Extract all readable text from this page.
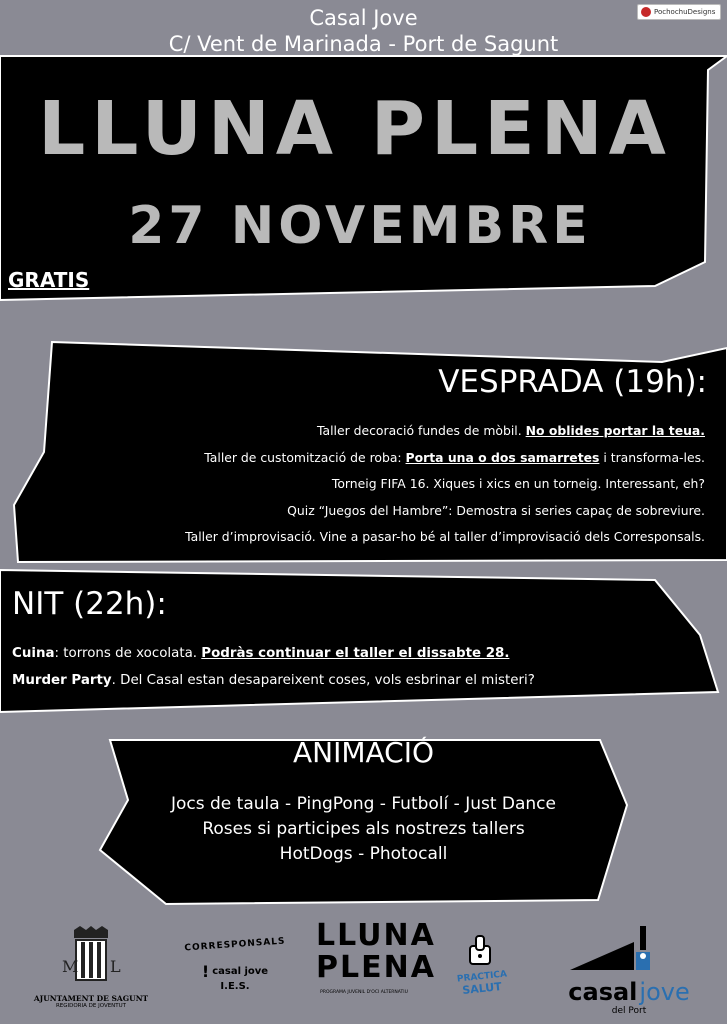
Casal Jove
C/ Vent de Marinada - Port de Sagunt
PochochuDesigns
LLUNA PLENA
27 NOVEMBRE
GRATIS
VESPRADA (19h):
Taller decoració fundes de mòbil. No oblides portar la teua.
Taller de customització de roba: Porta una o dos samarretes i transforma-les.
Torneig FIFA 16. Xiques i xics en un torneig. Interessant, eh?
Quiz “Juegos del Hambre”: Demostra si series capaç de sobreviure.
Taller d’improvisació. Vine a pasar-ho bé al taller d’improvisació dels Corresponsals.
NIT (22h):
Cuina: torrons de xocolata. Podràs continuar el taller el dissabte 28.
Murder Party. Del Casal estan desapareixent coses, vols esbrinar el misteri?
ANIMACIÓ
Jocs de taula - PingPong - Futbolí - Just Dance
Roses si participes als nostrezs tallers
HotDogs - Photocall
M L
AJUNTAMENT DE SAGUNT
REGIDORIA DE JOVENTUT
CORRESPONSALS
! casal jove
I.E.S.
LLUNA
PLENA
PROGRAMA JUVENIL D'OCI ALTERNATIU
PRACTICA
SALUT	casal jove
del Port
